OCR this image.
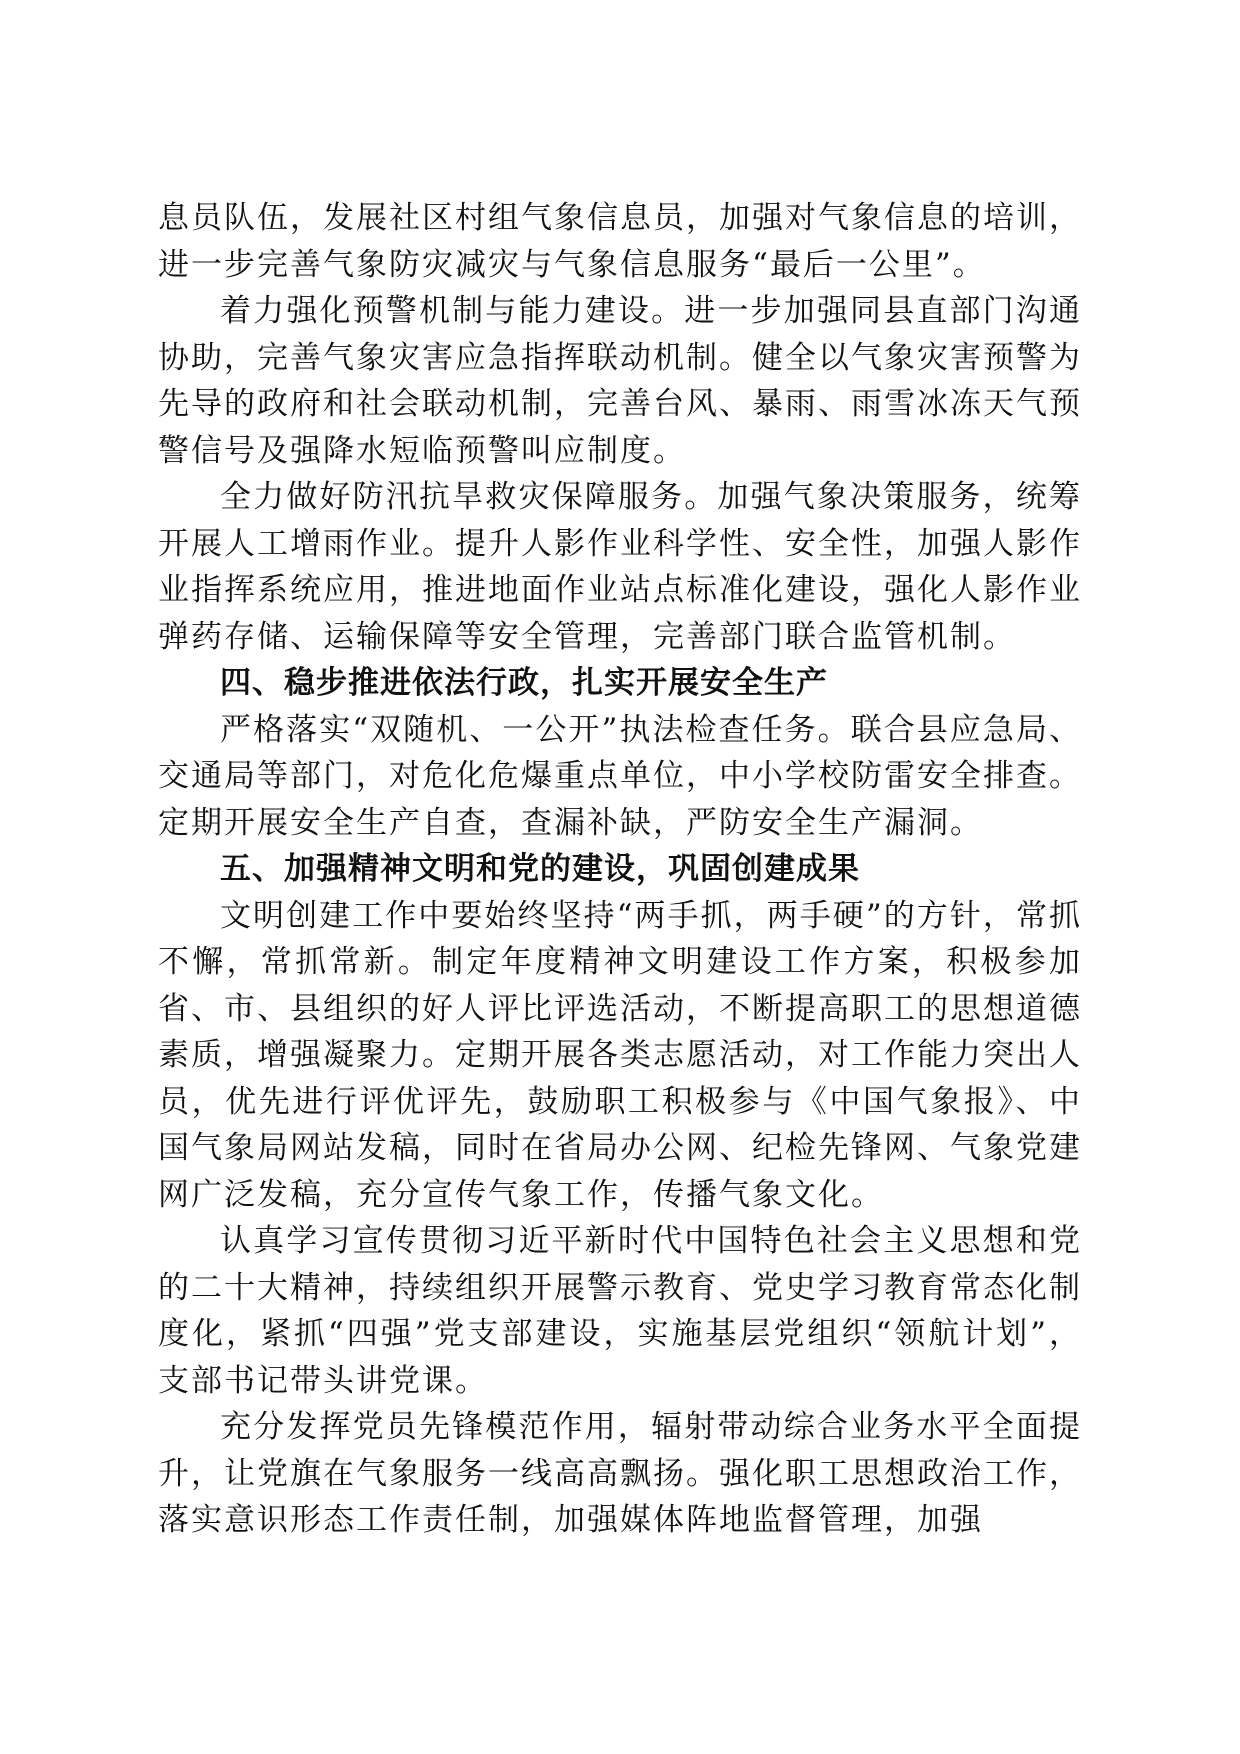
息员队伍，发展社区村组气象信息员，加强对气象信息的培训，进一步完善气象防灾减灾与气象信息服务“最后一公里”。

着力强化预警机制与能力建设。进一步加强同县直部门沟通协助，完善气象灾害应急指挥联动机制。健全以气象灾害预警为先导的政府和社会联动机制，完善台风、暴雨、雨雪冰冻天气预警信号及强降水短临预警叫应制度。

全力做好防汛抗旱救灾保障服务。加强气象决策服务，统筹开展人工增雨作业。提升人影作业科学性、安全性，加强人影作业指挥系统应用，推进地面作业站点标准化建设，强化人影作业弹药存储、运输保障等安全管理，完善部门联合监管机制。

四、稳步推进依法行政，扎实开展安全生产

严格落实“双随机、一公开”执法检查任务。联合县应急局、交通局等部门，对危化危爆重点单位，中小学校防雷安全排查。定期开展安全生产自查，查漏补缺，严防安全生产漏洞。

五、加强精神文明和党的建设，巩固创建成果

文明创建工作中要始终坚持“两手抓，两手硬”的方针，常抓不懈，常抓常新。制定年度精神文明建设工作方案，积极参加省、市、县组织的好人评比评选活动，不断提高职工的思想道德素质，增强凝聚力。定期开展各类志愿活动，对工作能力突出人员，优先进行评优评先，鼓励职工积极参与《中国气象报》、中国气象局网站发稿，同时在省局办公网、纪检先锋网、气象党建网广泛发稿，充分宣传气象工作，传播气象文化。

认真学习宣传贯彻习近平新时代中国特色社会主义思想和党的二十大精神，持续组织开展警示教育、党史学习教育常态化制度化，紧抓“四强”党支部建设，实施基层党组织“领航计划”，支部书记带头讲党课。

充分发挥党员先锋模范作用，辐射带动综合业务水平全面提升，让党旗在气象服务一线高高飘扬。强化职工思想政治工作，落实意识形态工作责任制，加强媒体阵地监督管理，加强
